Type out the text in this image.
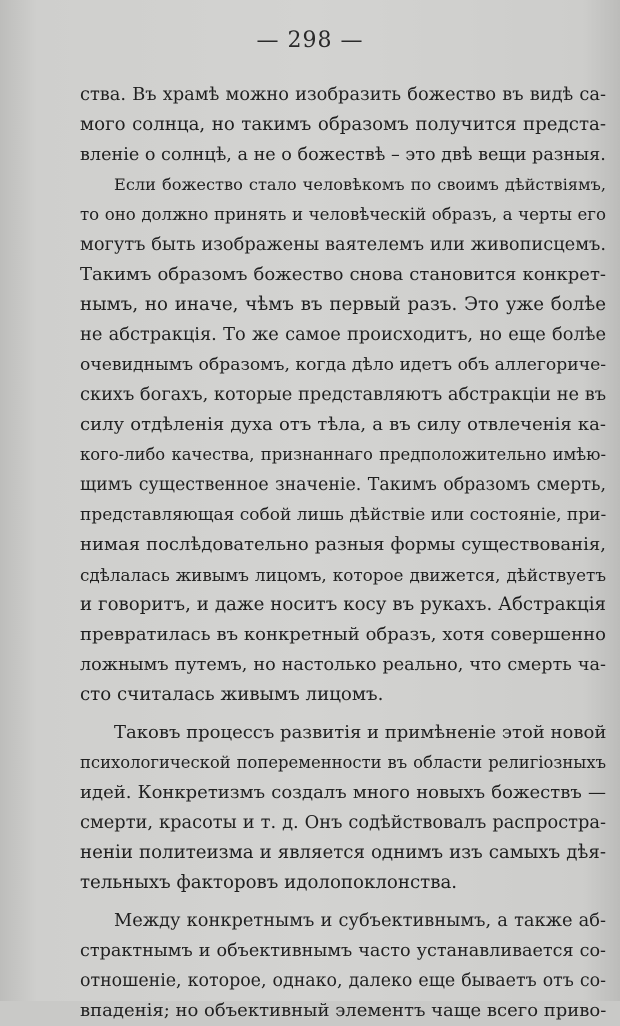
— 298 —
ства. Въ храмѣ можно изобразить божество въ видѣ са-
мого солнца, но такимъ образомъ получится предста-
вленіе о солнцѣ, а не о божествѣ – это двѣ вещи разныя.
Если божество стало человѣкомъ по своимъ дѣйствіямъ,
то оно должно принять и человѣческій образъ, а черты его
могутъ быть изображены ваятелемъ или живописцемъ.
Такимъ образомъ божество снова становится конкрет-
нымъ, но иначе, чѣмъ въ первый разъ. Это уже болѣе
не абстракція. То же самое происходитъ, но еще болѣе
очевиднымъ образомъ, когда дѣло идетъ объ аллегориче-
скихъ богахъ, которые представляютъ абстракціи не въ
силу отдѣленія духа отъ тѣла, а въ силу отвлеченія ка-
кого-либо качества, признаннаго предположительно имѣю-
щимъ существенное значеніе. Такимъ образомъ смерть,
представляющая собой лишь дѣйствіе или состояніе, при-
нимая послѣдовательно разныя формы существованія,
сдѣлалась живымъ лицомъ, которое движется, дѣйствуетъ
и говоритъ, и даже носитъ косу въ рукахъ. Абстракція
превратилась въ конкретный образъ, хотя совершенно
ложнымъ путемъ, но настолько реально, что смерть ча-
сто считалась живымъ лицомъ.
Таковъ процессъ развитія и примѣненіе этой новой
психологической попеременности въ области религіозныхъ
идей. Конкретизмъ создалъ много новыхъ божествъ —
смерти, красоты и т. д. Онъ содѣйствовалъ распростра-
неніи политеизма и является однимъ изъ самыхъ дѣя-
тельныхъ факторовъ идолопоклонства.
Между конкретнымъ и субъективнымъ, а также аб-
страктнымъ и объективнымъ часто устанавливается со-
отношеніе, которое, однако, далеко еще бываетъ отъ со-
впаденія; но объективный элементъ чаще всего приво-
